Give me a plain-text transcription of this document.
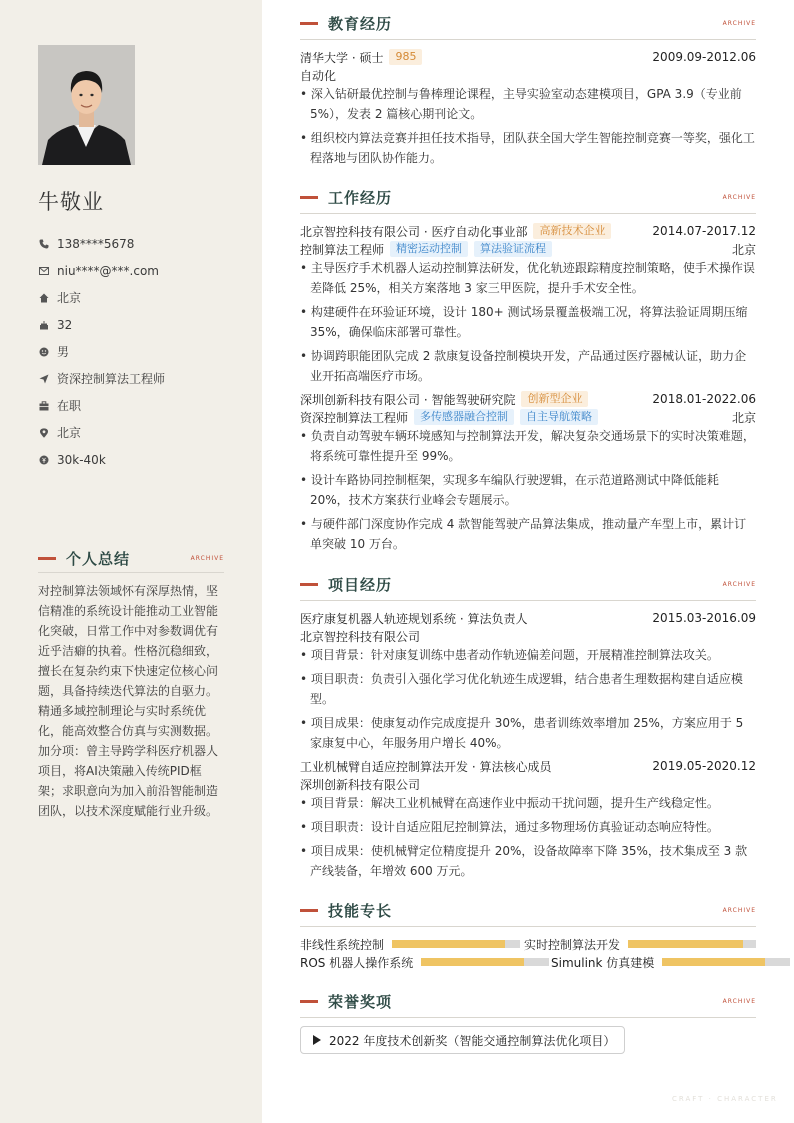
牛敬业
138****5678
niu****@***.com
北京
32
男
资深控制算法工程师
在职
北京
30k-40k
个人总结	ARCHIVE
对控制算法领域怀有深厚热情，坚信精准的系统设计能推动工业智能化突破，日常工作中对参数调优有近乎洁癖的执着。性格沉稳细致，擅长在复杂约束下快速定位核心问题，具备持续迭代算法的自驱力。精通多域控制理论与实时系统优化，能高效整合仿真与实测数据。加分项：曾主导跨学科医疗机器人项目，将AI决策融入传统PID框架；求职意向为加入前沿智能制造团队，以技术深度赋能行业升级。
教育经历	ARCHIVE
清华大学 · 硕士	985	2009.09-2012.06
自动化
• 深入钻研最优控制与鲁棒理论课程，主导实验室动态建模项目，GPA 3.9（专业前5%），发表 2 篇核心期刊论文。
• 组织校内算法竞赛并担任技术指导，团队获全国大学生智能控制竞赛一等奖，强化工程落地与团队协作能力。
工作经历	ARCHIVE
北京智控科技有限公司 · 医疗自动化事业部	高新技术企业	2014.07-2017.12
控制算法工程师	精密运动控制	算法验证流程	北京
• 主导医疗手术机器人运动控制算法研发，优化轨迹跟踪精度控制策略，使手术操作误差降低 25%，相关方案落地 3 家三甲医院，提升手术安全性。
• 构建硬件在环验证环境，设计 180+ 测试场景覆盖极端工况，将算法验证周期压缩 35%，确保临床部署可靠性。
• 协调跨职能团队完成 2 款康复设备控制模块开发，产品通过医疗器械认证，助力企业开拓高端医疗市场。
深圳创新科技有限公司 · 智能驾驶研究院	创新型企业	2018.01-2022.06
资深控制算法工程师	多传感器融合控制	自主导航策略	北京
• 负责自动驾驶车辆环境感知与控制算法开发，解决复杂交通场景下的实时决策难题，将系统可靠性提升至 99%。
• 设计车路协同控制框架，实现多车编队行驶逻辑，在示范道路测试中降低能耗 20%，技术方案获行业峰会专题展示。
• 与硬件部门深度协作完成 4 款智能驾驶产品算法集成，推动量产车型上市，累计订单突破 10 万台。
项目经历	ARCHIVE
医疗康复机器人轨迹规划系统 · 算法负责人	2015.03-2016.09
北京智控科技有限公司
• 项目背景：针对康复训练中患者动作轨迹偏差问题，开展精准控制算法攻关。
• 项目职责：负责引入强化学习优化轨迹生成逻辑，结合患者生理数据构建自适应模型。
• 项目成果：使康复动作完成度提升 30%，患者训练效率增加 25%，方案应用于 5 家康复中心，年服务用户增长 40%。
工业机械臂自适应控制算法开发 · 算法核心成员	2019.05-2020.12
深圳创新科技有限公司
• 项目背景：解决工业机械臂在高速作业中振动干扰问题，提升生产线稳定性。
• 项目职责：设计自适应阻尼控制算法，通过多物理场仿真验证动态响应特性。
• 项目成果：使机械臂定位精度提升 20%，设备故障率下降 35%，技术集成至 3 款产线装备，年增效 600 万元。
技能专长	ARCHIVE
非线性系统控制	实时控制算法开发
ROS 机器人操作系统	Simulink 仿真建模
荣誉奖项	ARCHIVE
2022 年度技术创新奖（智能交通控制算法优化项目）
CRAFT · CHARACTER
